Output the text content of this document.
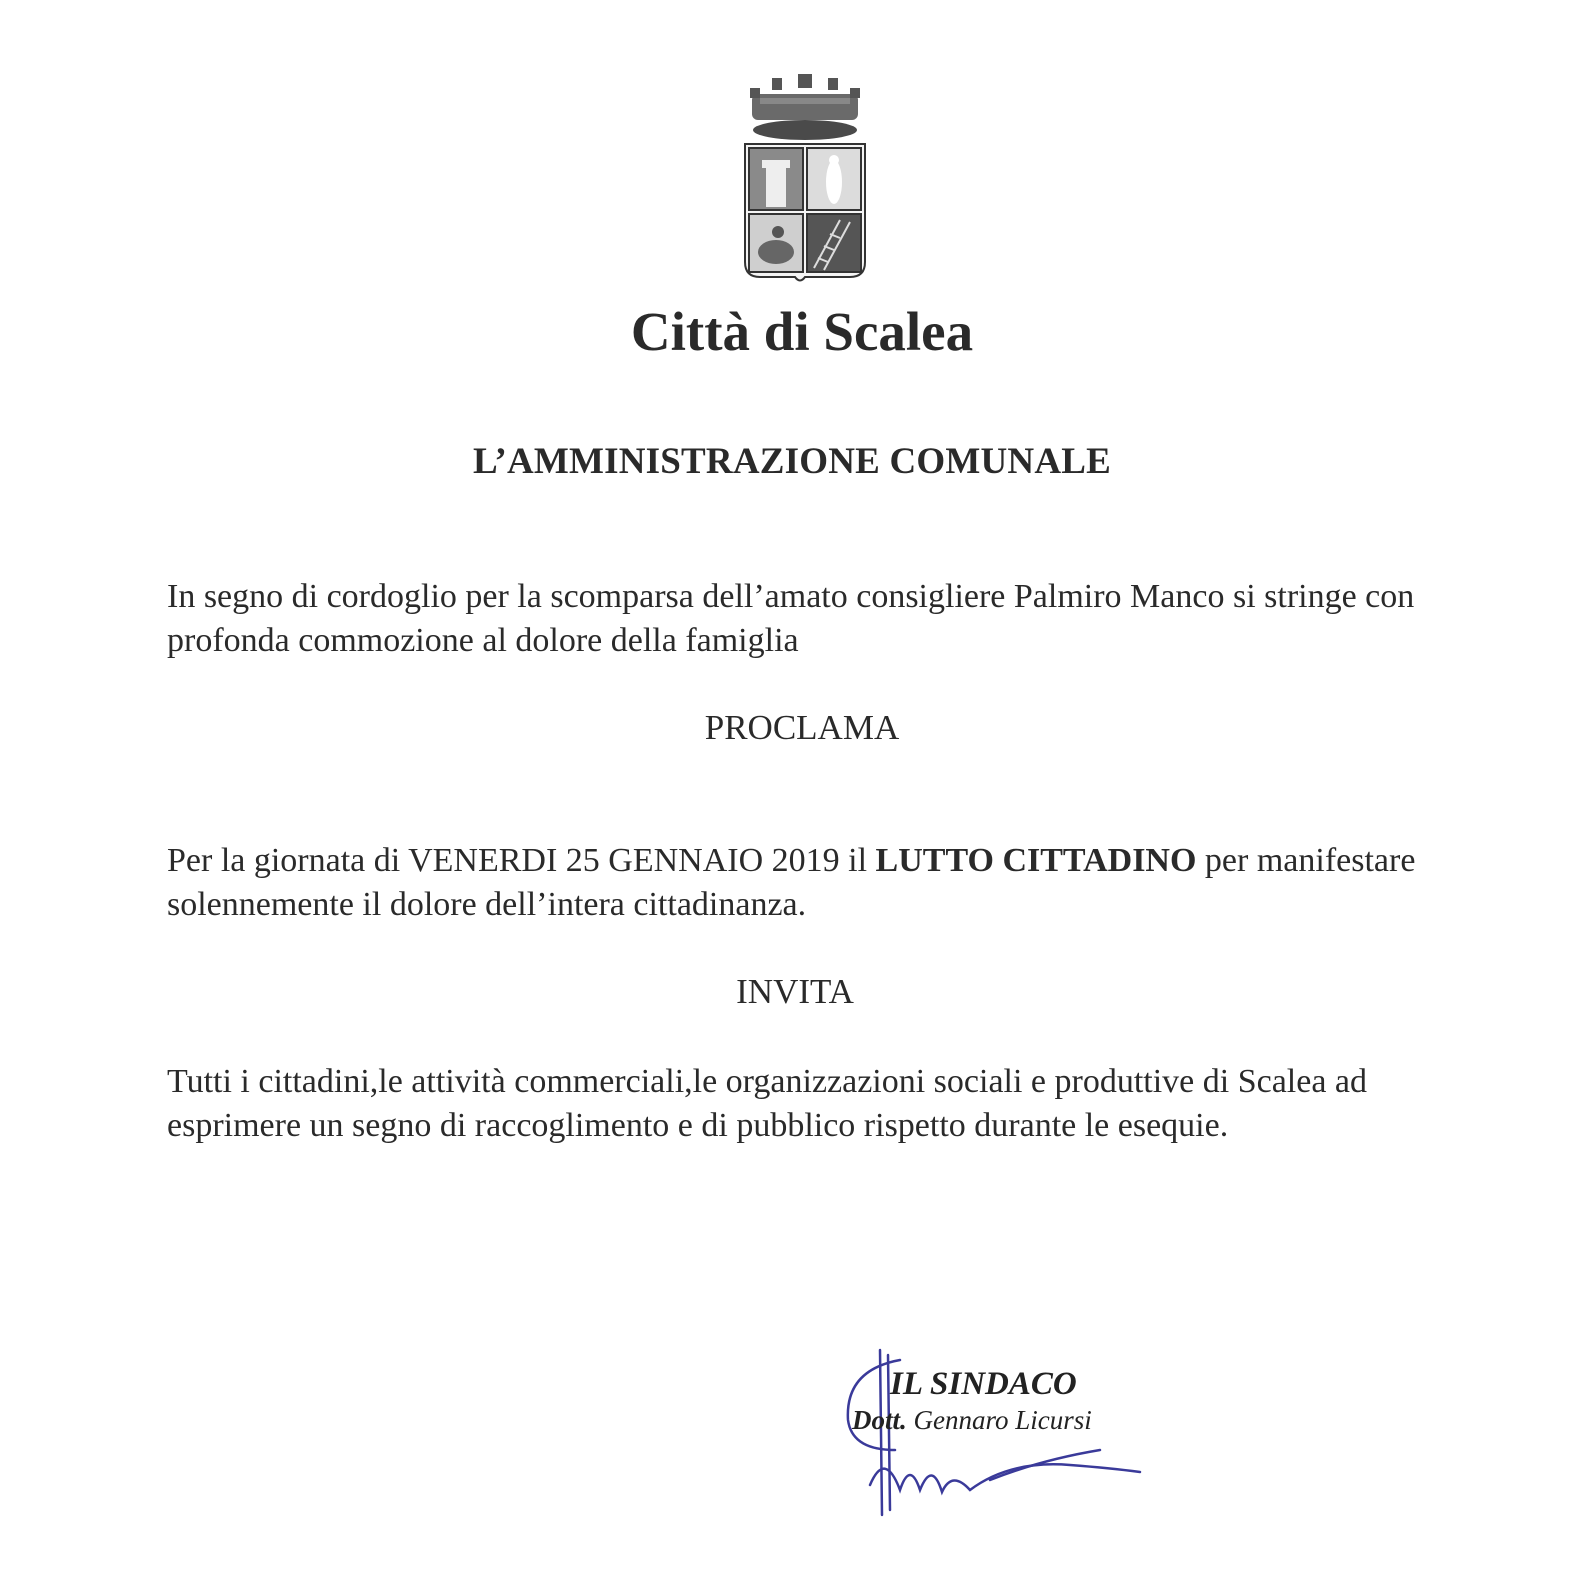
Città di Scalea
L’AMMINISTRAZIONE COMUNALE
In segno di cordoglio per la scomparsa dell’amato consigliere Palmiro Manco si stringe con profonda commozione al dolore della famiglia
PROCLAMA
Per la giornata di VENERDI 25 GENNAIO 2019 il LUTTO CITTADINO per manifestare solennemente il dolore dell’intera cittadinanza.
INVITA
Tutti i cittadini,le attività commerciali,le organizzazioni sociali e produttive di Scalea ad esprimere un segno di raccoglimento e di pubblico rispetto durante le esequie.
IL SINDACO
Dott. Gennaro Licursi
